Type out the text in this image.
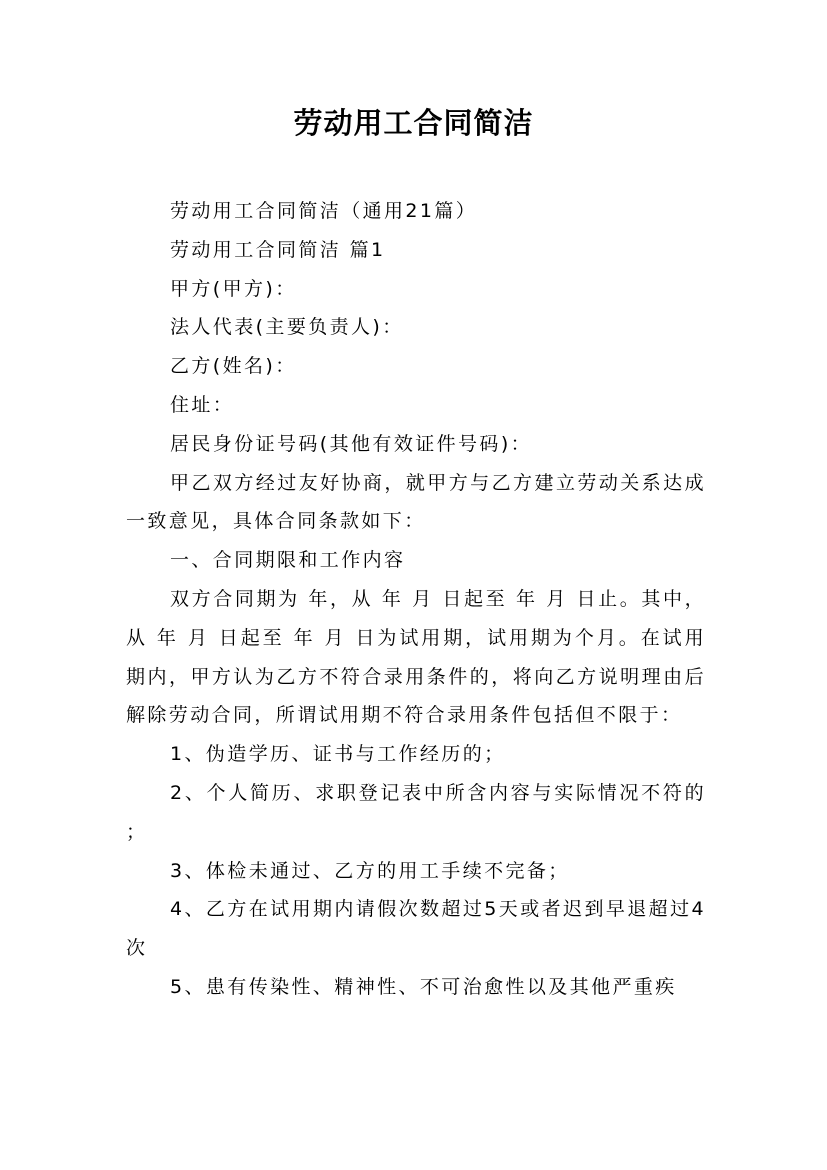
劳动用工合同简洁

劳动用工合同简洁（通用21篇）

劳动用工合同简洁 篇1

甲方(甲方)：

法人代表(主要负责人)：

乙方(姓名)：

住址：

居民身份证号码(其他有效证件号码)：

甲乙双方经过友好协商，就甲方与乙方建立劳动关系达成一致意见，具体合同条款如下：

一、合同期限和工作内容

双方合同期为 年，从 年 月 日起至 年 月 日止。其中，从 年 月 日起至 年 月 日为试用期，试用期为个月。在试用期内，甲方认为乙方不符合录用条件的，将向乙方说明理由后解除劳动合同，所谓试用期不符合录用条件包括但不限于：

1、伪造学历、证书与工作经历的；

2、个人简历、求职登记表中所含内容与实际情况不符的；

3、体检未通过、乙方的用工手续不完备；

4、乙方在试用期内请假次数超过5天或者迟到早退超过4次

5、患有传染性、精神性、不可治愈性以及其他严重疾
